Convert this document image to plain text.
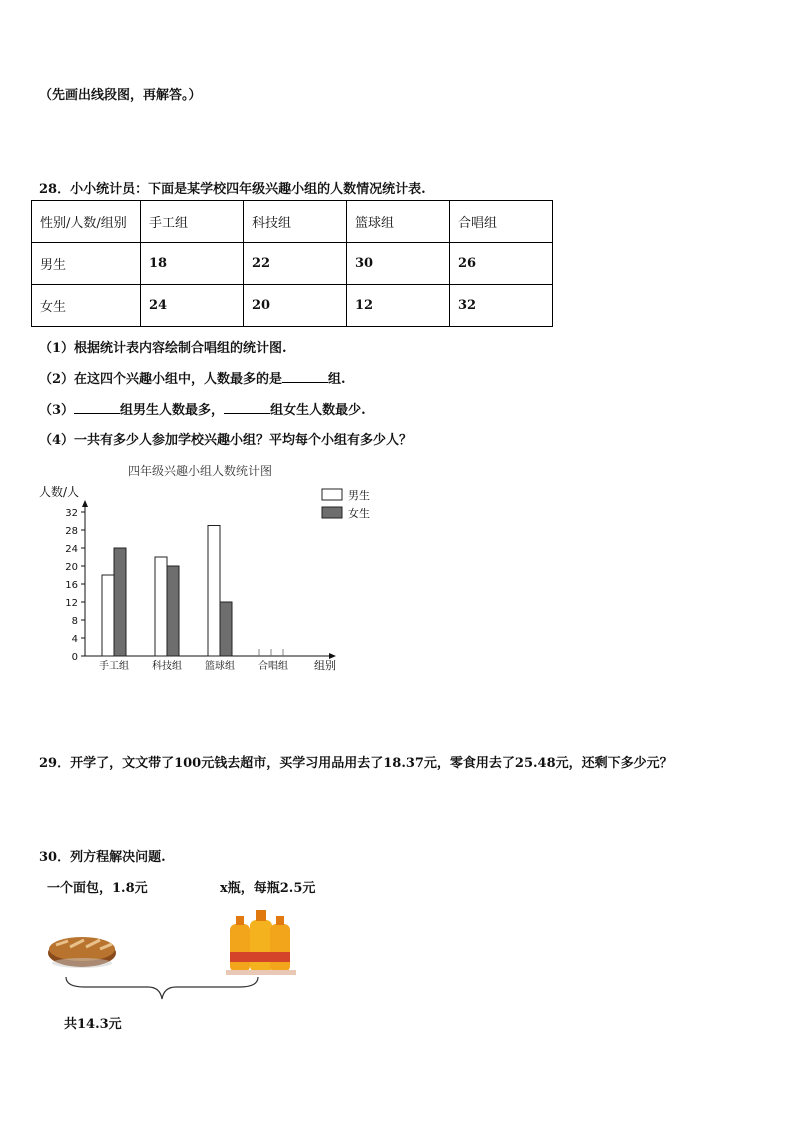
（先画出线段图，再解答。）
28．小小统计员：下面是某学校四年级兴趣小组的人数情况统计表.
性别/人数/组别	手工组	科技组	篮球组	合唱组
男生	18	22	30	26
女生	24	20	12	32
（1）根据统计表内容绘制合唱组的统计图.
（2）在这四个兴趣小组中，人数最多的是	组.
（3）	组男生人数最多，	组女生人数最少.
（4）一共有多少人参加学校兴趣小组？平均每个小组有多少人？
四年级兴趣小组人数统计图
人数/人
组别
0
4
8
12
16
20
24
28
32
手工组 科技组 篮球组 合唱组
男生
女生
29．开学了，文文带了100元钱去超市，买学习用品用去了18.37元，零食用去了25.48元，还剩下多少元？
30．列方程解决问题.
一个面包，1.8元	x瓶，每瓶2.5元
共14.3元
